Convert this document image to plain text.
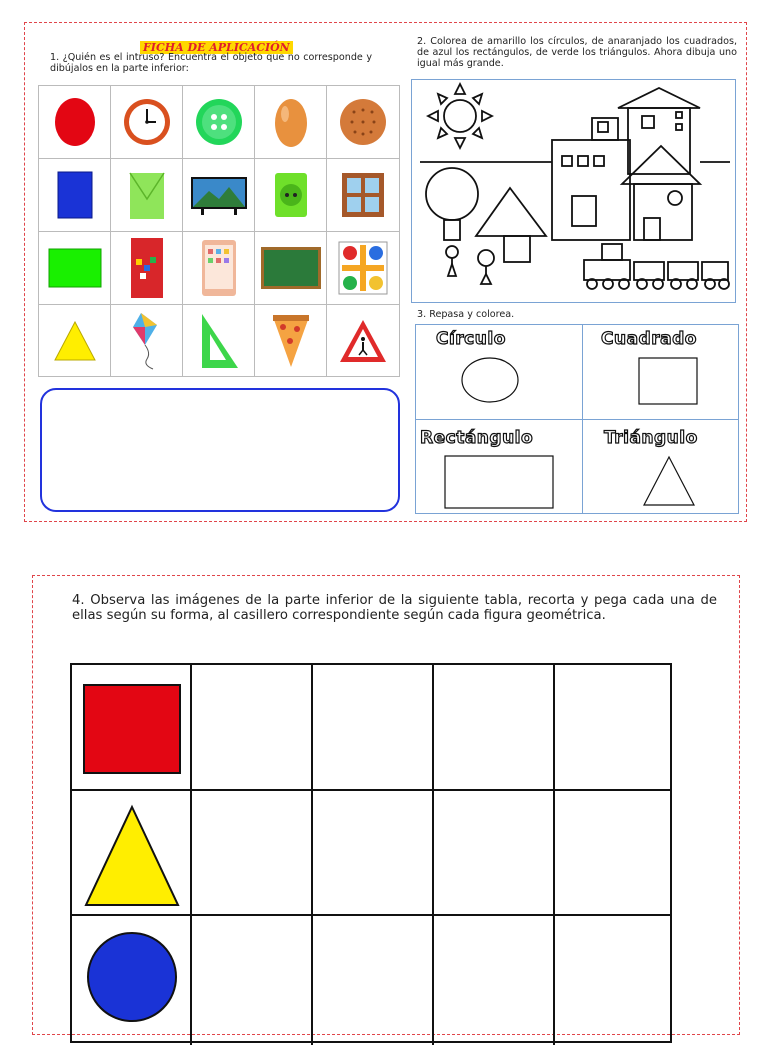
FICHA DE APLICACIÓN
1. ¿Quién es el intruso? Encuentra el objeto que no corresponde y dibújalos en la parte inferior:
2. Colorea de amarillo los círculos, de anaranjado los cuadrados, de azul los rectángulos, de verde los triángulos. Ahora dibuja uno igual más grande.
3. Repasa y colorea.
Círculo	Cuadrado
Rectángulo	Triángulo
4. Observa las imágenes de la parte inferior de la siguiente tabla, recorta y pega cada una de ellas según su forma, al casillero correspondiente según cada figura geométrica.
